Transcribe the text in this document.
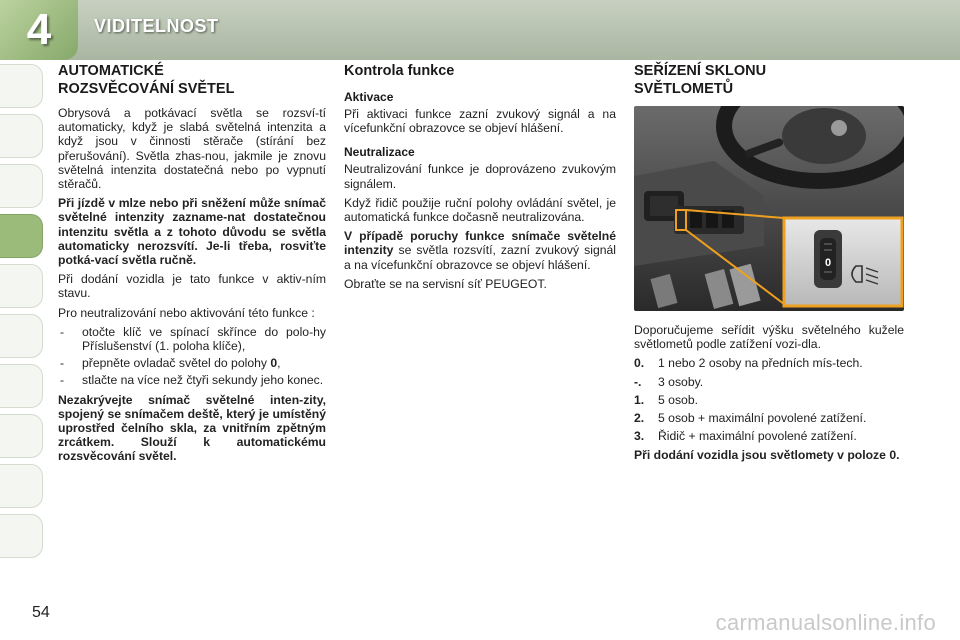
4 VIDITELNOST
AUTOMATICKÉ
ROZSVĚCOVÁNÍ SVĚTEL

Obrysová a potkávací světla se rozsví-tí automaticky, když je slabá světelná intenzita a když jsou v činnosti stěrače (stírání bez přerušování). Světla zhas-nou, jakmile je znovu světelná intenzita dostatečná nebo po vypnutí stěračů.

Při jízdě v mlze nebo při sněžení může snímač světelné intenzity zazname-nat dostatečnou intenzitu světla a z tohoto důvodu se světla automaticky nerozsvítí. Je-li třeba, rosviťte potká-vací světla ručně.

Při dodání vozidla je tato funkce v aktiv-ním stavu.

Pro neutralizování nebo aktivování této funkce :

- otočte klíč ve spínací skřínce do polo-hy Příslušenství (1. poloha klíče),
- přepněte ovladač světel do polohy 0,
- stlačte na více než čtyři sekundy jeho konec.

Nezakrývejte snímač světelné inten-zity, spojený se snímačem deště, který je umístěný uprostřed čelního skla, za vnitřním zpětným zrcátkem. Slouží k automatickému rozsvěcování světel.

Kontrola funkce
Aktivace

Při aktivaci funkce zazní zvukový signál a na vícefunkční obrazovce se objeví hlášení.

Neutralizace

Neutralizování funkce je doprovázeno zvukovým signálem.

Když řidič použije ruční polohy ovládání světel, je automatická funkce dočasně neutralizována.

V případě poruchy funkce snímače světelné intenzity se světla rozsvítí, zazní zvukový signál a na vícefunkční obrazovce se objeví hlášení.

Obraťte se na servisní síť PEUGEOT.

SEŘÍZENÍ SKLONU
SVĚTLOMETŮ
0

Doporučujeme seřídit výšku světelného kužele světlometů podle zatížení vozi-dla.

0. 1 nebo 2 osoby na předních mís-tech.
-. 3 osoby.
1. 5 osob.
2. 5 osob + maximální povolené zatížení.
3. Řidič + maximální povolené zatížení.

Při dodání vozidla jsou světlomety v poloze 0.

54	carmanualsonline.info
